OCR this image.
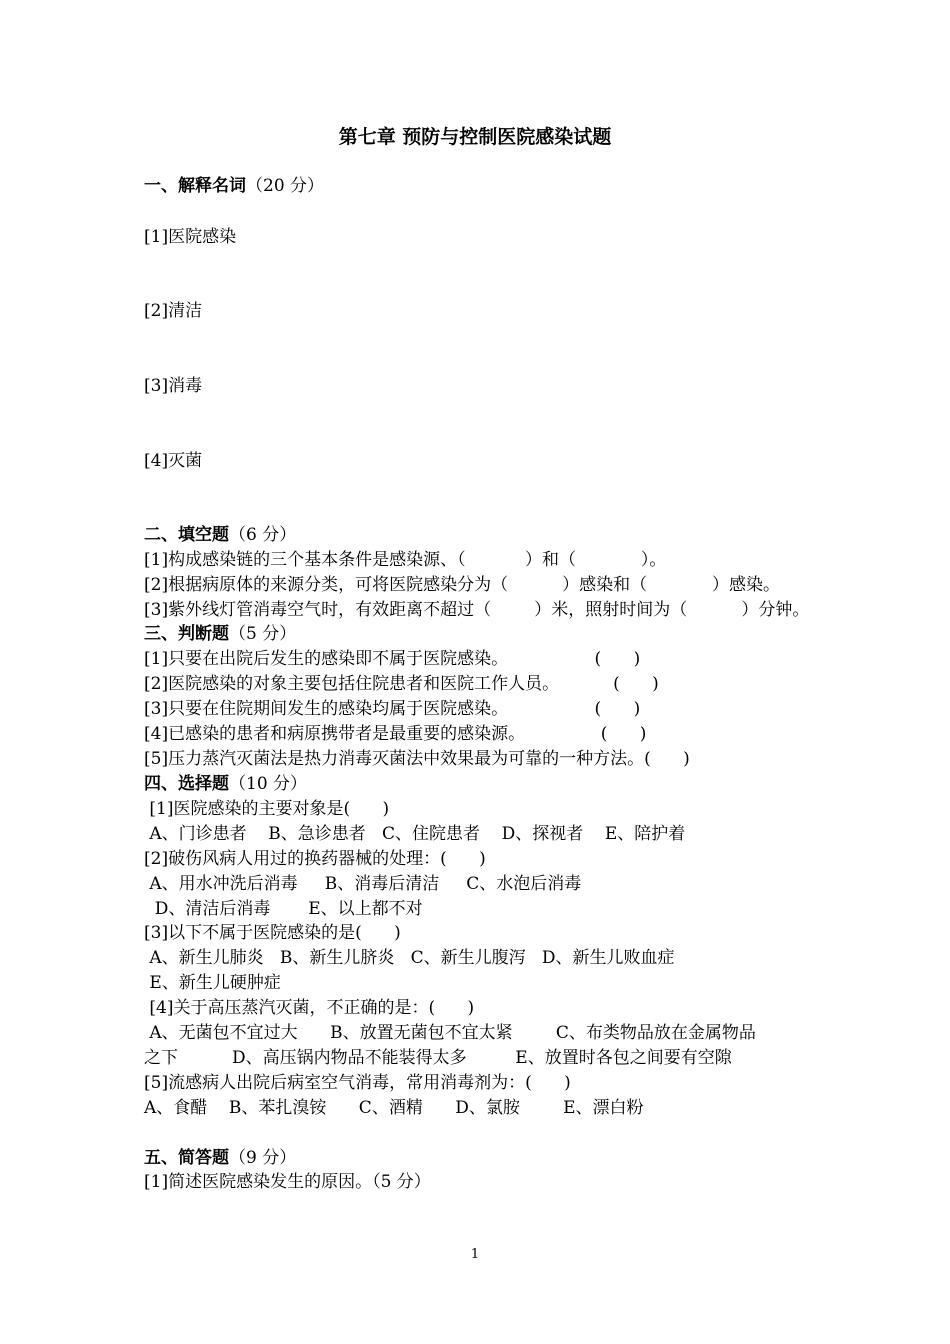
第七章 预防与控制医院感染试题
一、解释名词（20 分）
[1]医院感染
[2]清洁
[3]消毒
[4]灭菌
二、填空题（6 分）
[1]构成感染链的三个基本条件是感染源、（           ）和（            ）。
[2]根据病原体的来源分类，可将医院感染分为（          ）感染和（            ）感染。
[3]紫外线灯管消毒空气时，有效距离不超过（        ）米，照射时间为（          ）分钟。
三、判断题（5 分）
[1]只要在出院后发生的感染即不属于医院感染。                (      )
[2]医院感染的对象主要包括住院患者和医院工作人员。          (      )
[3]只要在住院期间发生的感染均属于医院感染。                (      )
[4]已感染的患者和病原携带者是最重要的感染源。              (      )
[5]压力蒸汽灭菌法是热力消毒灭菌法中效果最为可靠的一种方法。(      )
四、选择题（10 分）
[1]医院感染的主要对象是(      )
A、门诊患者    B、急诊患者   C、住院患者    D、探视者    E、陪护着
[2]破伤风病人用过的换药器械的处理：(      )
A、用水冲洗后消毒     B、消毒后清洁     C、水泡后消毒
D、清洁后消毒       E、以上都不对
[3]以下不属于医院感染的是(      )
A、新生儿肺炎   B、新生儿脐炎   C、新生儿腹泻   D、新生儿败血症
E、新生儿硬肿症
[4]关于高压蒸汽灭菌，不正确的是：(      )
A、无菌包不宜过大      B、放置无菌包不宜太紧        C、布类物品放在金属物品
之下          D、高压锅内物品不能装得太多         E、放置时各包之间要有空隙
[5]流感病人出院后病室空气消毒，常用消毒剂为：(      )
A、食醋    B、苯扎溴铵      C、酒精      D、氯胺        E、漂白粉
五、简答题（9 分）
[1]简述医院感染发生的原因。（5 分）
1
